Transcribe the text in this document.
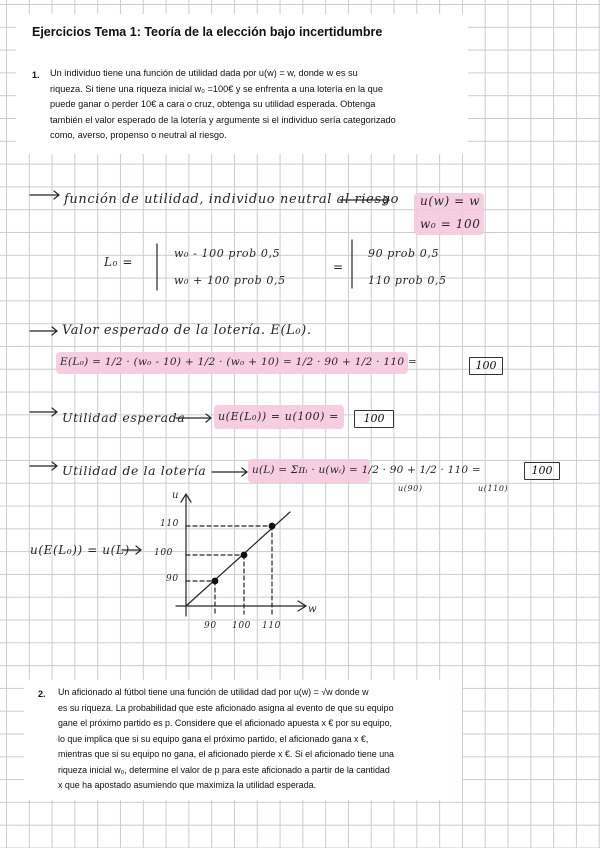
Ejercicios Tema 1: Teoría de la elección bajo incertidumbre
1. Un individuo tiene una función de utilidad dada por u(w) = w, donde w es su
riqueza. Si tiene una riqueza inicial w₀ =100€ y se enfrenta a una lotería en la que
puede ganar o perder 10€ a cara o cruz, obtenga su utilidad esperada. Obtenga
también el valor esperado de la lotería y argumente si el individuo sería categorizado
como, averso, propenso o neutral al riesgo.
función de utilidad, individuo neutral al riesgo u(w) = w
w₀ = 100
L₀ =
w₀ - 100 prob 0,5
w₀ + 100 prob 0,5
=
90 prob 0,5
110 prob 0,5
Valor esperado de la lotería. E(L₀).
E(L₀) = 1/2 · (w₀ - 10) + 1/2 · (w₀ + 10) = 1/2 · 90 + 1/2 · 110 =	100
Utilidad esperada	u(E(L₀)) = u(100) =	100
Utilidad de la lotería	u(L) = Σπᵢ · u(wᵢ) = 1/2 · 90 + 1/2 · 110 =
u(90)	u(110)
100
u(E(L₀)) = u(L)
u
w
110
100
90
90 100 110
2. Un aficionado al fútbol tiene una función de utilidad dad por u(w) = √w donde w
es su riqueza. La probabilidad que este aficionado asigna al evento de que su equipo
gane el próximo partido es p. Considere que el aficionado apuesta x € por su equipo,
lo que implica que si su equipo gana el próximo partido, el aficionado gana x €,
mientras que si su equipo no gana, el aficionado pierde x €. Si el aficionado tiene una
riqueza inicial w₀, determine el valor de p para este aficionado a partir de la cantidad
x que ha apostado asumiendo que maximiza la utilidad esperada.
